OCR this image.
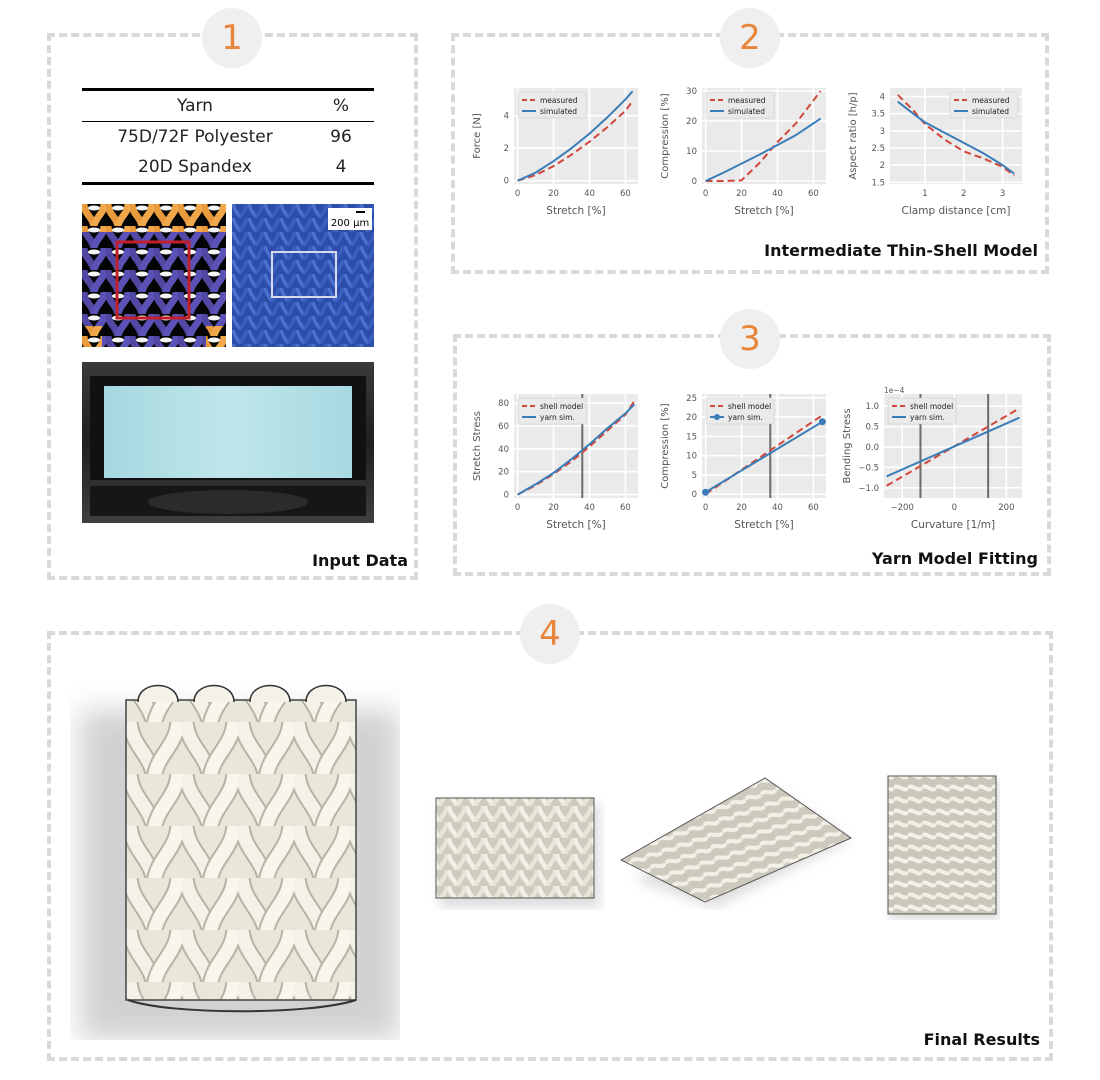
1
Yarn	%
75D/72F Polyester	96
20D Spandex	4
200 µm
Input Data
2
Intermediate Thin-Shell Model
0	20	40	60
0
2
4
measured
simulated
Stretch [%]
Force [N]
0	20	40	60
0
10
20
30
measured
simulated
Stretch [%]
Compression [%]
1	2	3
1.5
2
2.5
3
3.5
4	measured
simulated
Clamp distance [cm]
Aspect ratio [h/p]
3
Yarn Model Fitting
0	20	40	60
0
20
40
60
80	shell model
yarn sim.
Stretch [%]
Stretch Stress
0	20	40	60
0
5
10
15
20
25
shell model
yarn sim.
Stretch [%]
Compression [%]
−200	0	200
−1.0
−0.5
0.0
0.5
1.0	shell model
yarn sim.
Curvature [1/m]
Bending Stress
1e−4
4
Final Results
